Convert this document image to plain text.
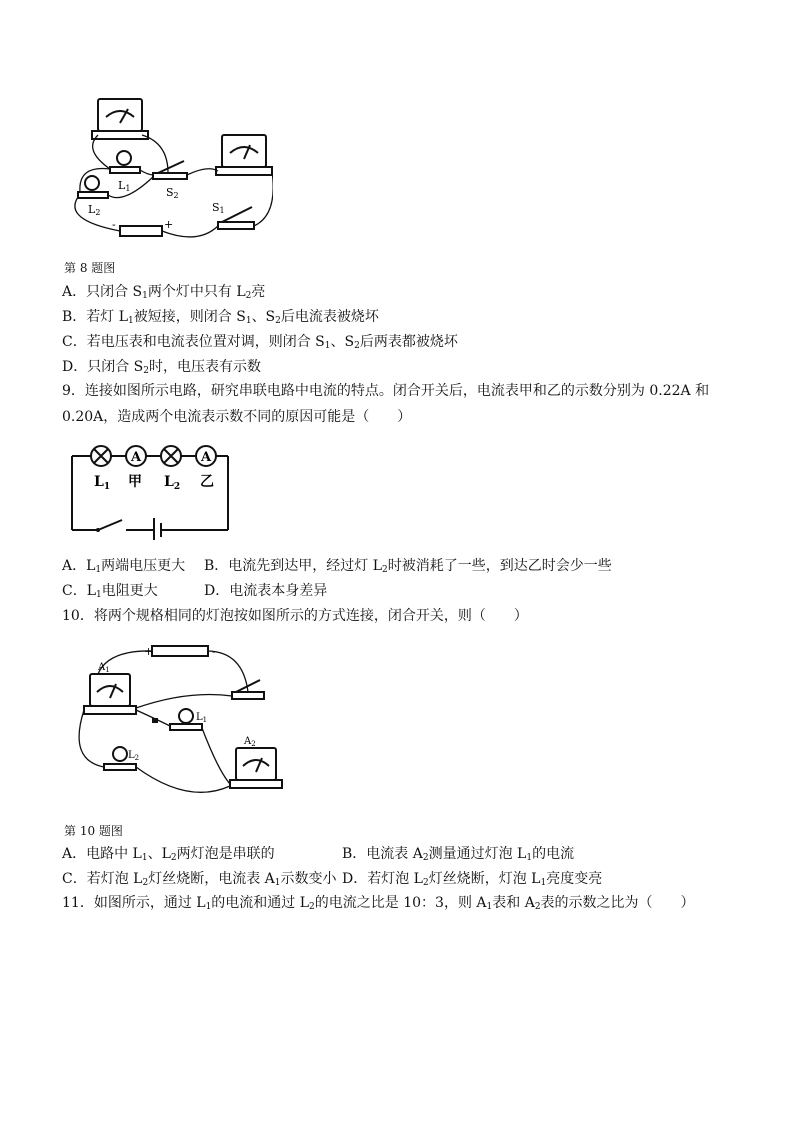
L1
L2
S2
S1
-	+
第 8 题图
A．只闭合 $S_1$两个灯中只有 $L_2$亮
B．若灯 $L_1$被短接，则闭合 $S_1$、$S_2$后电流表被烧坏
C．若电压表和电流表位置对调，则闭合 $S_1$、$S_2$后两表都被烧坏
D．只闭合 $S_2$时，电压表有示数
9．连接如图所示电路，研究串联电路中电流的特点。闭合开关后，电流表甲和乙的示数分别为 0.22A 和
0.20A，造成两个电流表示数不同的原因可能是（　　）
A	A
$L_1$ 甲 $L_2$ 乙
A．$L_1$两端电压更大 B．电流先到达甲，经过灯 $L_2$时被消耗了一些，到达乙时会少一些
C．$L_1$电阻更大	D．电流表本身差异
10．将两个规格相同的灯泡按如图所示的方式连接，闭合开关，则（　　）
$A_1$
$A_2$
$L_1$
$L_2$
+	-
第 10 题图
A．电路中 $L_1$、$L_2$两灯泡是串联的	B．电流表 $A_2$测量通过灯泡 $L_1$的电流
C．若灯泡 $L_2$灯丝烧断，电流表 $A_1$示数变小 D．若灯泡 $L_2$灯丝烧断，灯泡 $L_1$亮度变亮
11．如图所示，通过 $L_1$的电流和通过 $L_2$的电流之比是 10：3，则 $A_1$表和 $A_2$表的示数之比为（　　）
